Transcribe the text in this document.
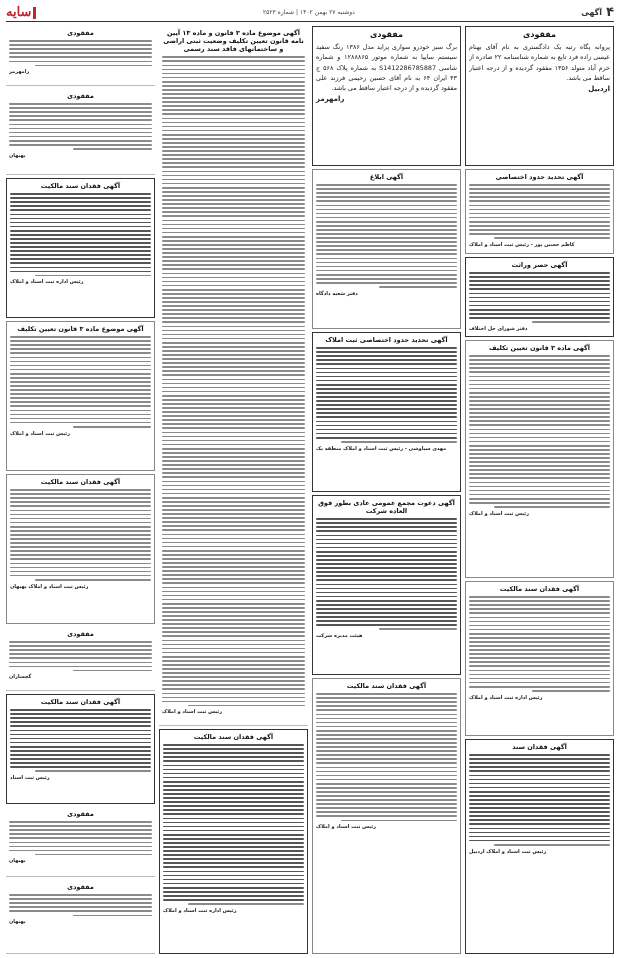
۴
آگهی
دوشنبه ۲۷ بهمن ۱۴۰۲ | شماره ۲۵۲۳
سایه
مفقودی
پروانه پگاه رتبه یک دادگستری به نام آقای بهنام عیسی زاده فرد تابع به شماره شناسنامه ۲۲ صادره از خرم آباد متولد ۱۳۵۶ مفقود گردیده و از درجه اعتبار ساقط می باشد.
اردبیل
آگهی تحدید حدود اختصاصی
کاظم حسین پور - رئیس ثبت اسناد و املاک
آگهی حصر وراثت
دفتر شورای حل اختلاف
آگهی ماده ۳ قانون تعیین تکلیف
رئیس ثبت اسناد و املاک
آگهی فقدان سند مالکیت
رئیس اداره ثبت اسناد و املاک
آگهی فقدان سند
رئیس ثبت اسناد و املاک اردبیل
مفقودی
برگ سبز خودرو سواری پراید مدل ۱۳۸۶ رنگ سفید سیستم سایپا به شماره موتور ۱۲۸۸۸۶۵ و شماره شاسی S1412286785887 به شماره پلاک ۵۶۸ ج ۴۳ ایران ۶۴ به نام آقای حسین رحیمی فرزند علی مفقود گردیده و از درجه اعتبار ساقط می باشد.
رامهرمز
آگهی ابلاغ
دفتر شعبه دادگاه
آگهی تحدید حدود اختصاصی ثبت املاک
مهدی سیاوشی - رئیس ثبت اسناد و املاک منطقه یک
آگهی دعوت مجمع عمومی عادی بطور فوق العاده شرکت
هیئت مدیره شرکت
آگهی فقدان سند مالکیت
رئیس ثبت اسناد و املاک
آگهی موضوع ماده ۳ قانون و ماده ۱۳ آیین نامه قانون تعیین تکلیف وضعیت ثبتی اراضی و ساختمانهای فاقد سند رسمی
رئیس ثبت اسناد و املاک
آگهی فقدان سند مالکیت
رئیس اداره ثبت اسناد و املاک
مفقودی
رامهرمز
مفقودی
بهبهان
آگهی فقدان سند مالکیت
رئیس اداره ثبت اسناد و املاک
آگهی موضوع ماده ۳ قانون تعیین تکلیف
رئیس ثبت اسناد و املاک
آگهی فقدان سند مالکیت
رئیس ثبت اسناد و املاک بهبهان
مفقودی
گچساران
آگهی فقدان سند مالکیت
رئیس ثبت اسناد
مفقودی
بهبهان
مفقودی
بهبهان
